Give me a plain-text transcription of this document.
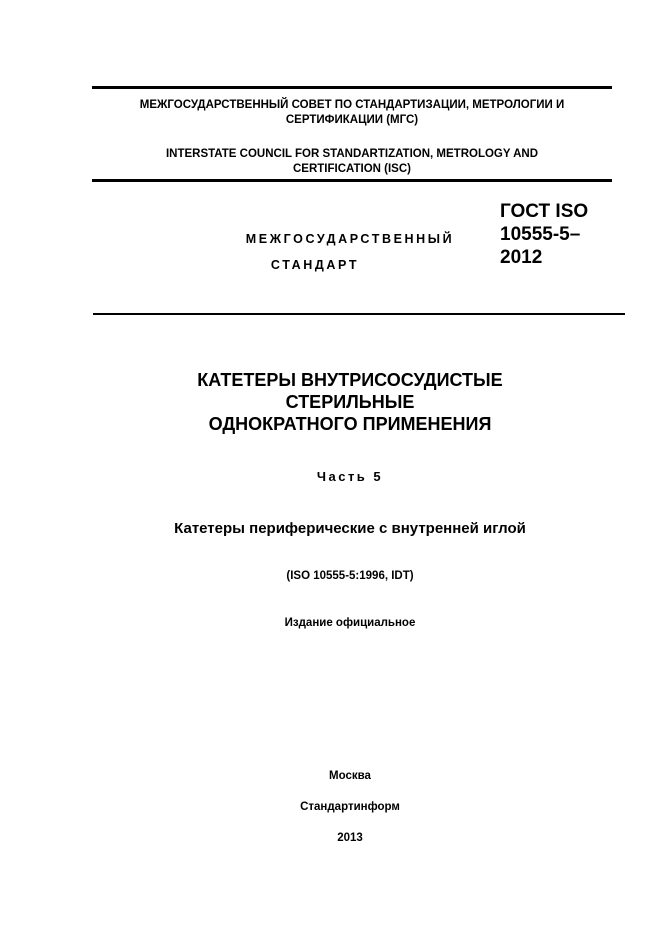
МЕЖГОСУДАРСТВЕННЫЙ СОВЕТ ПО СТАНДАРТИЗАЦИИ, МЕТРОЛОГИИ И
СЕРТИФИКАЦИИ (МГС)
INTERSTATE COUNCIL FOR STANDARTIZATION, METROLOGY AND
CERTIFICATION (ISC)
МЕЖГОСУДАРСТВЕННЫЙ
СТАНДАРТ
ГОСТ ISO
10555-5–
2012
КАТЕТЕРЫ ВНУТРИСОСУДИСТЫЕ
СТЕРИЛЬНЫЕ
ОДНОКРАТНОГО ПРИМЕНЕНИЯ
Часть 5
Катетеры периферические с внутренней иглой
(ISO 10555-5:1996, IDT)
Издание официальное
Москва
Стандартинформ
2013
